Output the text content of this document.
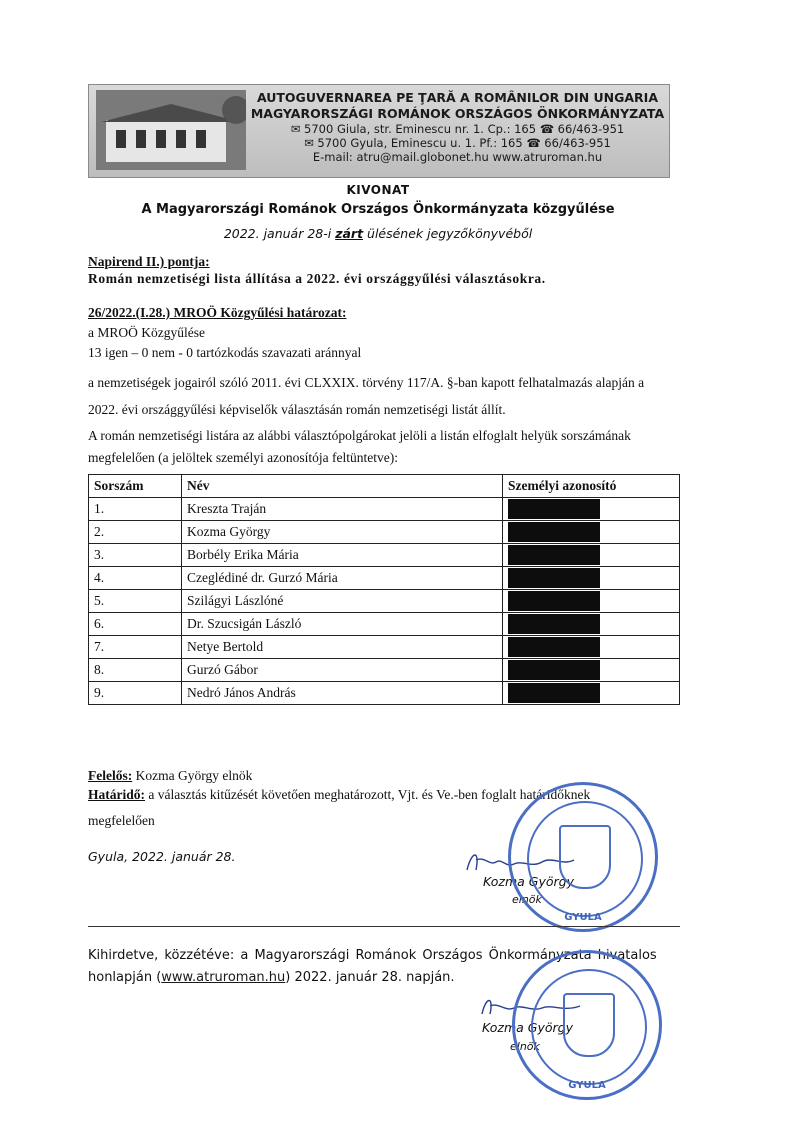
AUTOGUVERNAREA PE ŢARĂ A ROMÂNILOR DIN UNGARIA
MAGYARORSZÁGI ROMÁNOK ORSZÁGOS ÖNKORMÁNYZATA
✉ 5700 Giula, str. Eminescu nr. 1. Cp.: 165 ☎ 66/463-951
✉ 5700 Gyula, Eminescu u. 1. Pf.: 165 ☎ 66/463-951
E-mail: atru@mail.globonet.hu www.atruroman.hu
KIVONAT
A Magyarországi Románok Országos Önkormányzata közgyűlése
2022. január 28-i zárt ülésének jegyzőkönyvéből
Napirend II.) pontja:
Román nemzetiségi lista állítása a 2022. évi országgyűlési választásokra.
26/2022.(I.28.) MROÖ Közgyűlési határozat:
a MROÖ Közgyűlése
13 igen – 0 nem - 0 tartózkodás szavazati aránnyal
a nemzetiségek jogairól szóló 2011. évi CLXXIX. törvény 117/A. §-ban kapott felhatalmazás alapján a
2022. évi országgyűlési képviselők választásán román nemzetiségi listát állít.
A román nemzetiségi listára az alábbi választópolgárokat jelöli a listán elfoglalt helyük sorszámának
megfelelően (a jelöltek személyi azonosítója feltüntetve):
Sorszám	Név	Személyi azonosító
1.	Kreszta Traján	
2.	Kozma György	
3.	Borbély Erika Mária	
4.	Czeglédiné dr. Gurzó Mária	
5.	Szilágyi Lászlóné	
6.	Dr. Szucsigán László	
7.	Netye Bertold	
8.	Gurzó Gábor	
9.	Nedró János András	
Felelős: Kozma György elnök
Határidő: a választás kitűzését követően meghatározott, Vjt. és Ve.-ben foglalt határidőknek
megfelelően
Gyula, 2022. január 28.
Kozma György
elnök
GYULA
Kihirdetve, közzétéve: a Magyarországi Románok Országos Önkormányzata hivatalos
honlapján (www.atruroman.hu) 2022. január 28. napján.
Kozma György
elnök
GYULA
